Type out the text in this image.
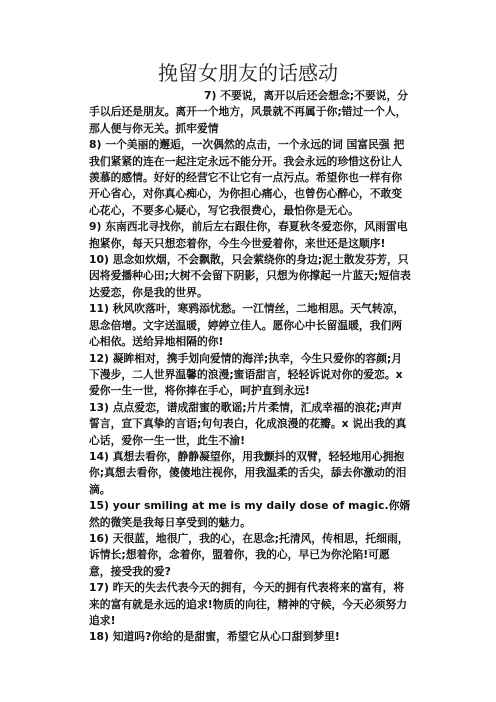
挽留女朋友的话感动

7) 不要说，离开以后还会想念;不要说，分手以后还是朋友。离开一个地方，风景就不再属于你;错过一个人，那人便与你无关。抓牢爱情

8) 一个美丽的邂逅，一次偶然的点击，一个永远的词 国富民强 把我们紧紧的连在一起注定永远不能分开。我会永远的珍惜这份让人羡慕的感情。好好的经营它不让它有一点污点。希望你也一样有你开心省心，对你真心痴心，为你担心痛心，也曾伤心醉心，不敢变心花心，不要多心疑心，写它我很费心，最怕你是无心。

9) 东南西北寻找你，前后左右跟住你，春夏秋冬爱恋你，风雨雷电抱紧你，每天只想恋着你，今生今世爱着你，来世还是这顺序!

10) 思念如炊烟，不会飘散，只会萦绕你的身边;泥土散发芬芳，只因将爱播种心田;大树不会留下阴影，只想为你撑起一片蓝天;短信表达爱恋，你是我的世界。

11) 秋风吹落叶，寒鸦添忧愁。一江情丝，二地相思。天气转凉，思念倍增。文字送温暖，婷婷立佳人。愿你心中长留温暖，我们两心相依。送给异地相隔的你!

12) 凝眸相对，携手划向爱情的海洋;执幸，今生只爱你的容颜;月下漫步，二人世界温馨的浪漫;蜜语甜言，轻轻诉说对你的爱恋。x 爱你一生一世，将你捧在手心，呵护直到永远!

13) 点点爱恋，谱成甜蜜的歌谣;片片柔情，汇成幸福的浪花;声声誓言，宣下真挚的言语;句句表白，化成浪漫的花瓣。x 说出我的真心话，爱你一生一世，此生不渝!

14) 真想去看你，静静凝望你，用我颤抖的双臂，轻轻地用心拥抱你;真想去看你，傻傻地注视你，用我温柔的舌尖，舔去你激动的泪滴。

15) your smiling at me is my daily dose of magic.你婿然的微笑是我每日享受到的魅力。

16) 天很蓝，地很广，我的心，在思念;托清风，传相思，托细雨，诉情长;想着你，念着你，盟着你，我的心，早已为你沦陷!可愿意，接受我的爱?

17) 昨天的失去代表今天的拥有，今天的拥有代表将来的富有，将来的富有就是永远的追求!物质的向往，精神的守候，今天必须努力追求!

18) 知道吗?你给的是甜蜜，希望它从心口甜到梦里!
